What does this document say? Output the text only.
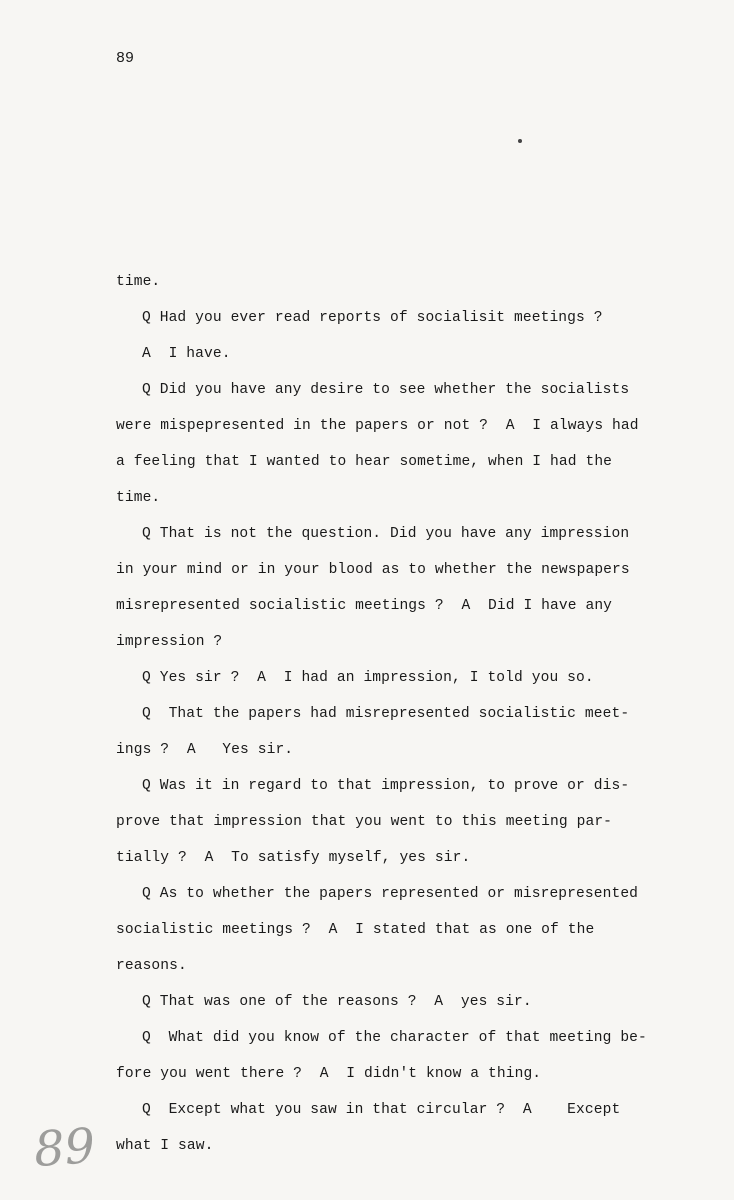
89

time.

Q Had you ever read reports of socialisit meetings ?

A  I have.

Q Did you have any desire to see whether the socialists

were mispepresented in the papers or not ?  A  I always had

a feeling that I wanted to hear sometime, when I had the

time.

Q That is not the question. Did you have any impression

in your mind or in your blood as to whether the newspapers

misrepresented socialistic meetings ?  A  Did I have any

impression ?

Q Yes sir ?  A  I had an impression, I told you so.

Q  That the papers had misrepresented socialistic meet-

ings ?  A   Yes sir.

Q Was it in regard to that impression, to prove or dis-

prove that impression that you went to this meeting par-

tially ?  A  To satisfy myself, yes sir.

Q As to whether the papers represented or misrepresented

socialistic meetings ?  A  I stated that as one of the

reasons.

Q That was one of the reasons ?  A  yes sir.

Q  What did you know of the character of that meeting be-

fore you went there ?  A  I didn't know a thing.

Q  Except what you saw in that circular ?  A    Except

what I saw.

89
